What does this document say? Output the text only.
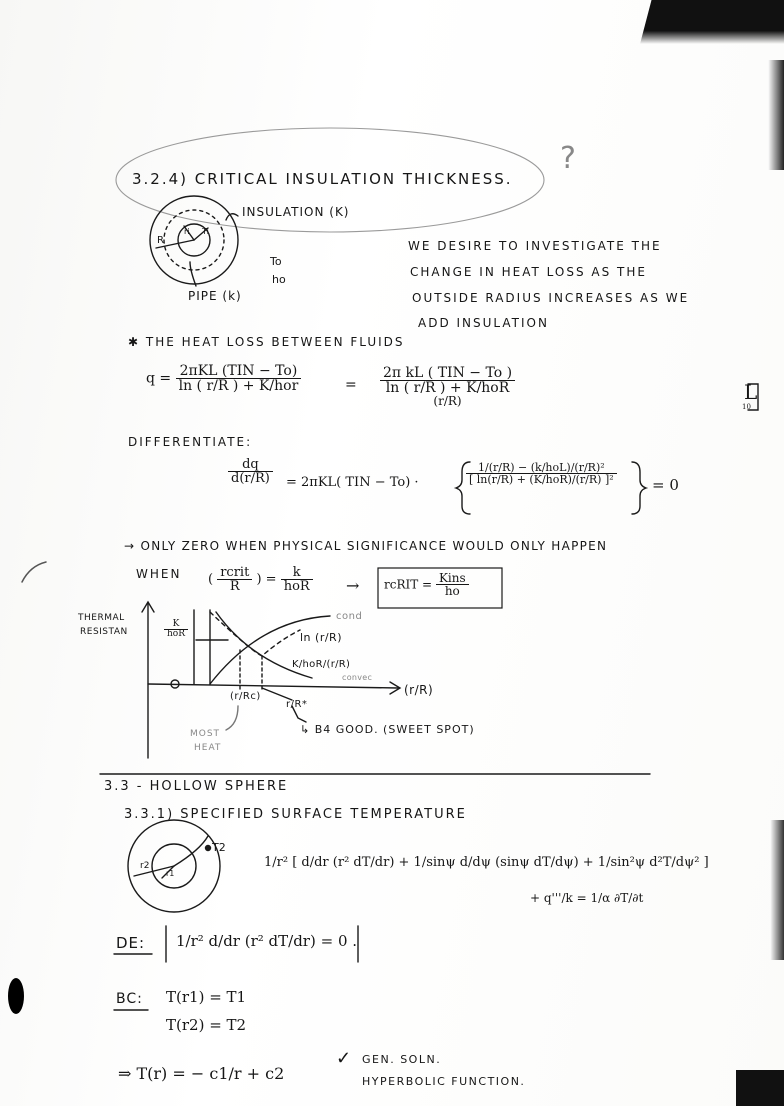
3.2.4) CRITICAL INSULATION THICKNESS.
?
INSULATION (K)
PIPE (k)
R
ri Ti
To
ho
WE DESIRE TO INVESTIGATE THE
CHANGE IN HEAT LOSS AS THE
OUTSIDE RADIUS INCREASES AS WE
ADD INSULATION
✱ THE HEAT LOSS BETWEEN FLUIDS
$q = \frac{\text{2πKL (TIN − To)}}{\text{ln ( r/R ) + K/hor}}$	=
2π kL ( TIN − To )
ln ( r/R ) + K/hoR
(r/R)	L
10
DIFFERENTIATE:
$\frac{dq}{d(r/R)} = 2\pi KL$( TIN − To) ·	$\frac{\text{1/(r/R) − (k/hoL)/(r/R)²}}{\text{[ ln(r/R) + (K/hoR)/(r/R) ]²}} = 0$
→ ONLY ZERO WHEN PHYSICAL SIGNIFICANCE WOULD ONLY HAPPEN
WHEN ( $\frac{\text{rcrit}}{R}$ ) = $\frac{k}{\text{hoR}}$ → rcRIT = $\frac{\text{Kins}}{ho}$
THERMAL
RESISTAN	$\frac{K}{\text{hoR}}$
cond
ln (r/R)
K/hoR/(r/R)
convec
(r/R)
(r/Rc)
r/R*
↳ B4 GOOD. (SWEET SPOT)
MOST
HEAT
3.3 - HOLLOW SPHERE
3.3.1) SPECIFIED SURFACE TEMPERATURE
T2
r2
r1
1/r² [ d/dr (r² dT/dr) + 1/sinψ d/dψ (sinψ dT/dψ) + 1/sin²ψ d²T/dψ² ]
+ q'''/k = 1/α ∂T/∂t
DE: 1/r² d/dr (r² dT/dr) = 0 .
BC: T(r1) = T1
T(r2) = T2
⇒ T(r) = − c1/r + c2
✓ GEN. SOLN.
HYPERBOLIC FUNCTION.
